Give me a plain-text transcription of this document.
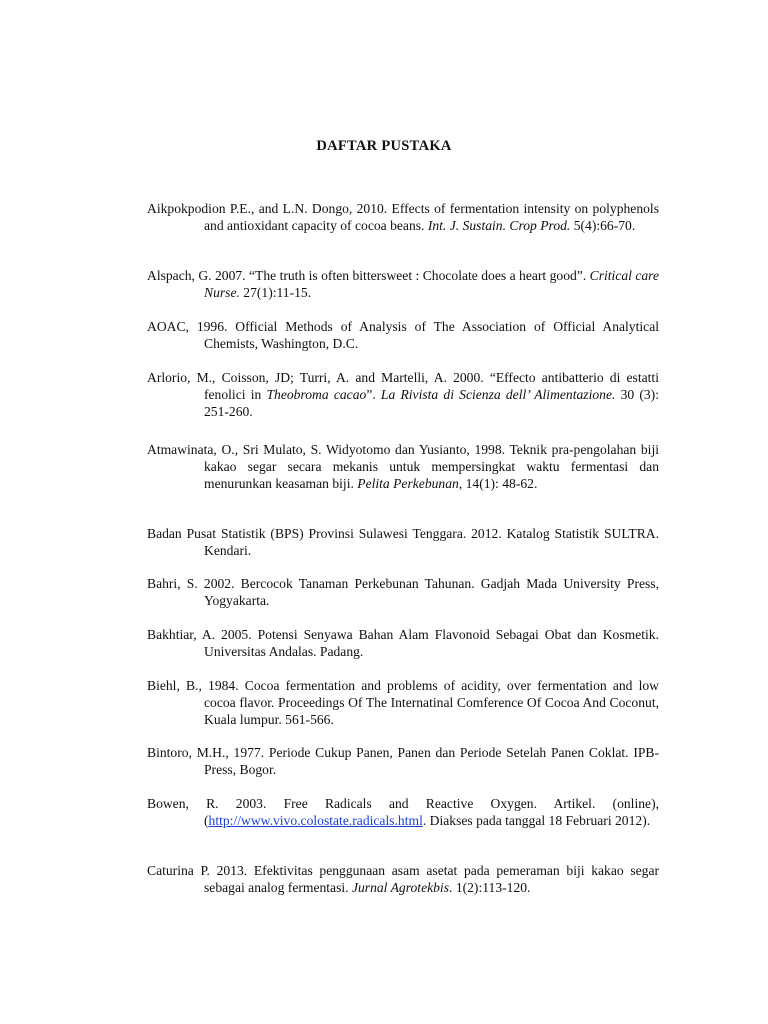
DAFTAR PUSTAKA
Aikpokpodion P.E., and L.N. Dongo, 2010. Effects of fermentation intensity on polyphenols and antioxidant capacity of cocoa beans. Int. J. Sustain. Crop Prod. 5(4):66-70.
Alspach, G. 2007. “The truth is often bittersweet : Chocolate does a heart good”. Critical care Nurse. 27(1):11-15.
AOAC, 1996. Official Methods of Analysis of The Association of Official Analytical Chemists, Washington, D.C.
Arlorio, M., Coisson, JD; Turri, A. and Martelli, A. 2000. “Effecto antibatterio di estatti fenolici in Theobroma cacao”. La Rivista di Scienza dell’ Alimentazione. 30 (3): 251-260.
Atmawinata, O., Sri Mulato, S. Widyotomo dan Yusianto, 1998. Teknik pra-pengolahan biji kakao segar secara mekanis untuk mempersingkat waktu fermentasi dan menurunkan keasaman biji. Pelita Perkebunan, 14(1): 48-62.
Badan Pusat Statistik (BPS) Provinsi Sulawesi Tenggara. 2012. Katalog Statistik SULTRA. Kendari.
Bahri, S. 2002. Bercocok Tanaman Perkebunan Tahunan. Gadjah Mada University Press, Yogyakarta.
Bakhtiar, A. 2005. Potensi Senyawa Bahan Alam Flavonoid Sebagai Obat dan Kosmetik. Universitas Andalas. Padang.
Biehl, B., 1984. Cocoa fermentation and problems of acidity, over fermentation and low cocoa flavor. Proceedings Of The Internatinal Comference Of Cocoa And Coconut, Kuala lumpur. 561-566.
Bintoro, M.H., 1977. Periode Cukup Panen, Panen dan Periode Setelah Panen Coklat. IPB-Press, Bogor.
Bowen, R. 2003. Free Radicals and Reactive Oxygen. Artikel. (online), (http://www.vivo.colostate.radicals.html. Diakses pada tanggal 18 Februari 2012).
Caturina P. 2013. Efektivitas penggunaan asam asetat pada pemeraman biji kakao segar sebagai analog fermentasi. Jurnal Agrotekbis. 1(2):113-120.
